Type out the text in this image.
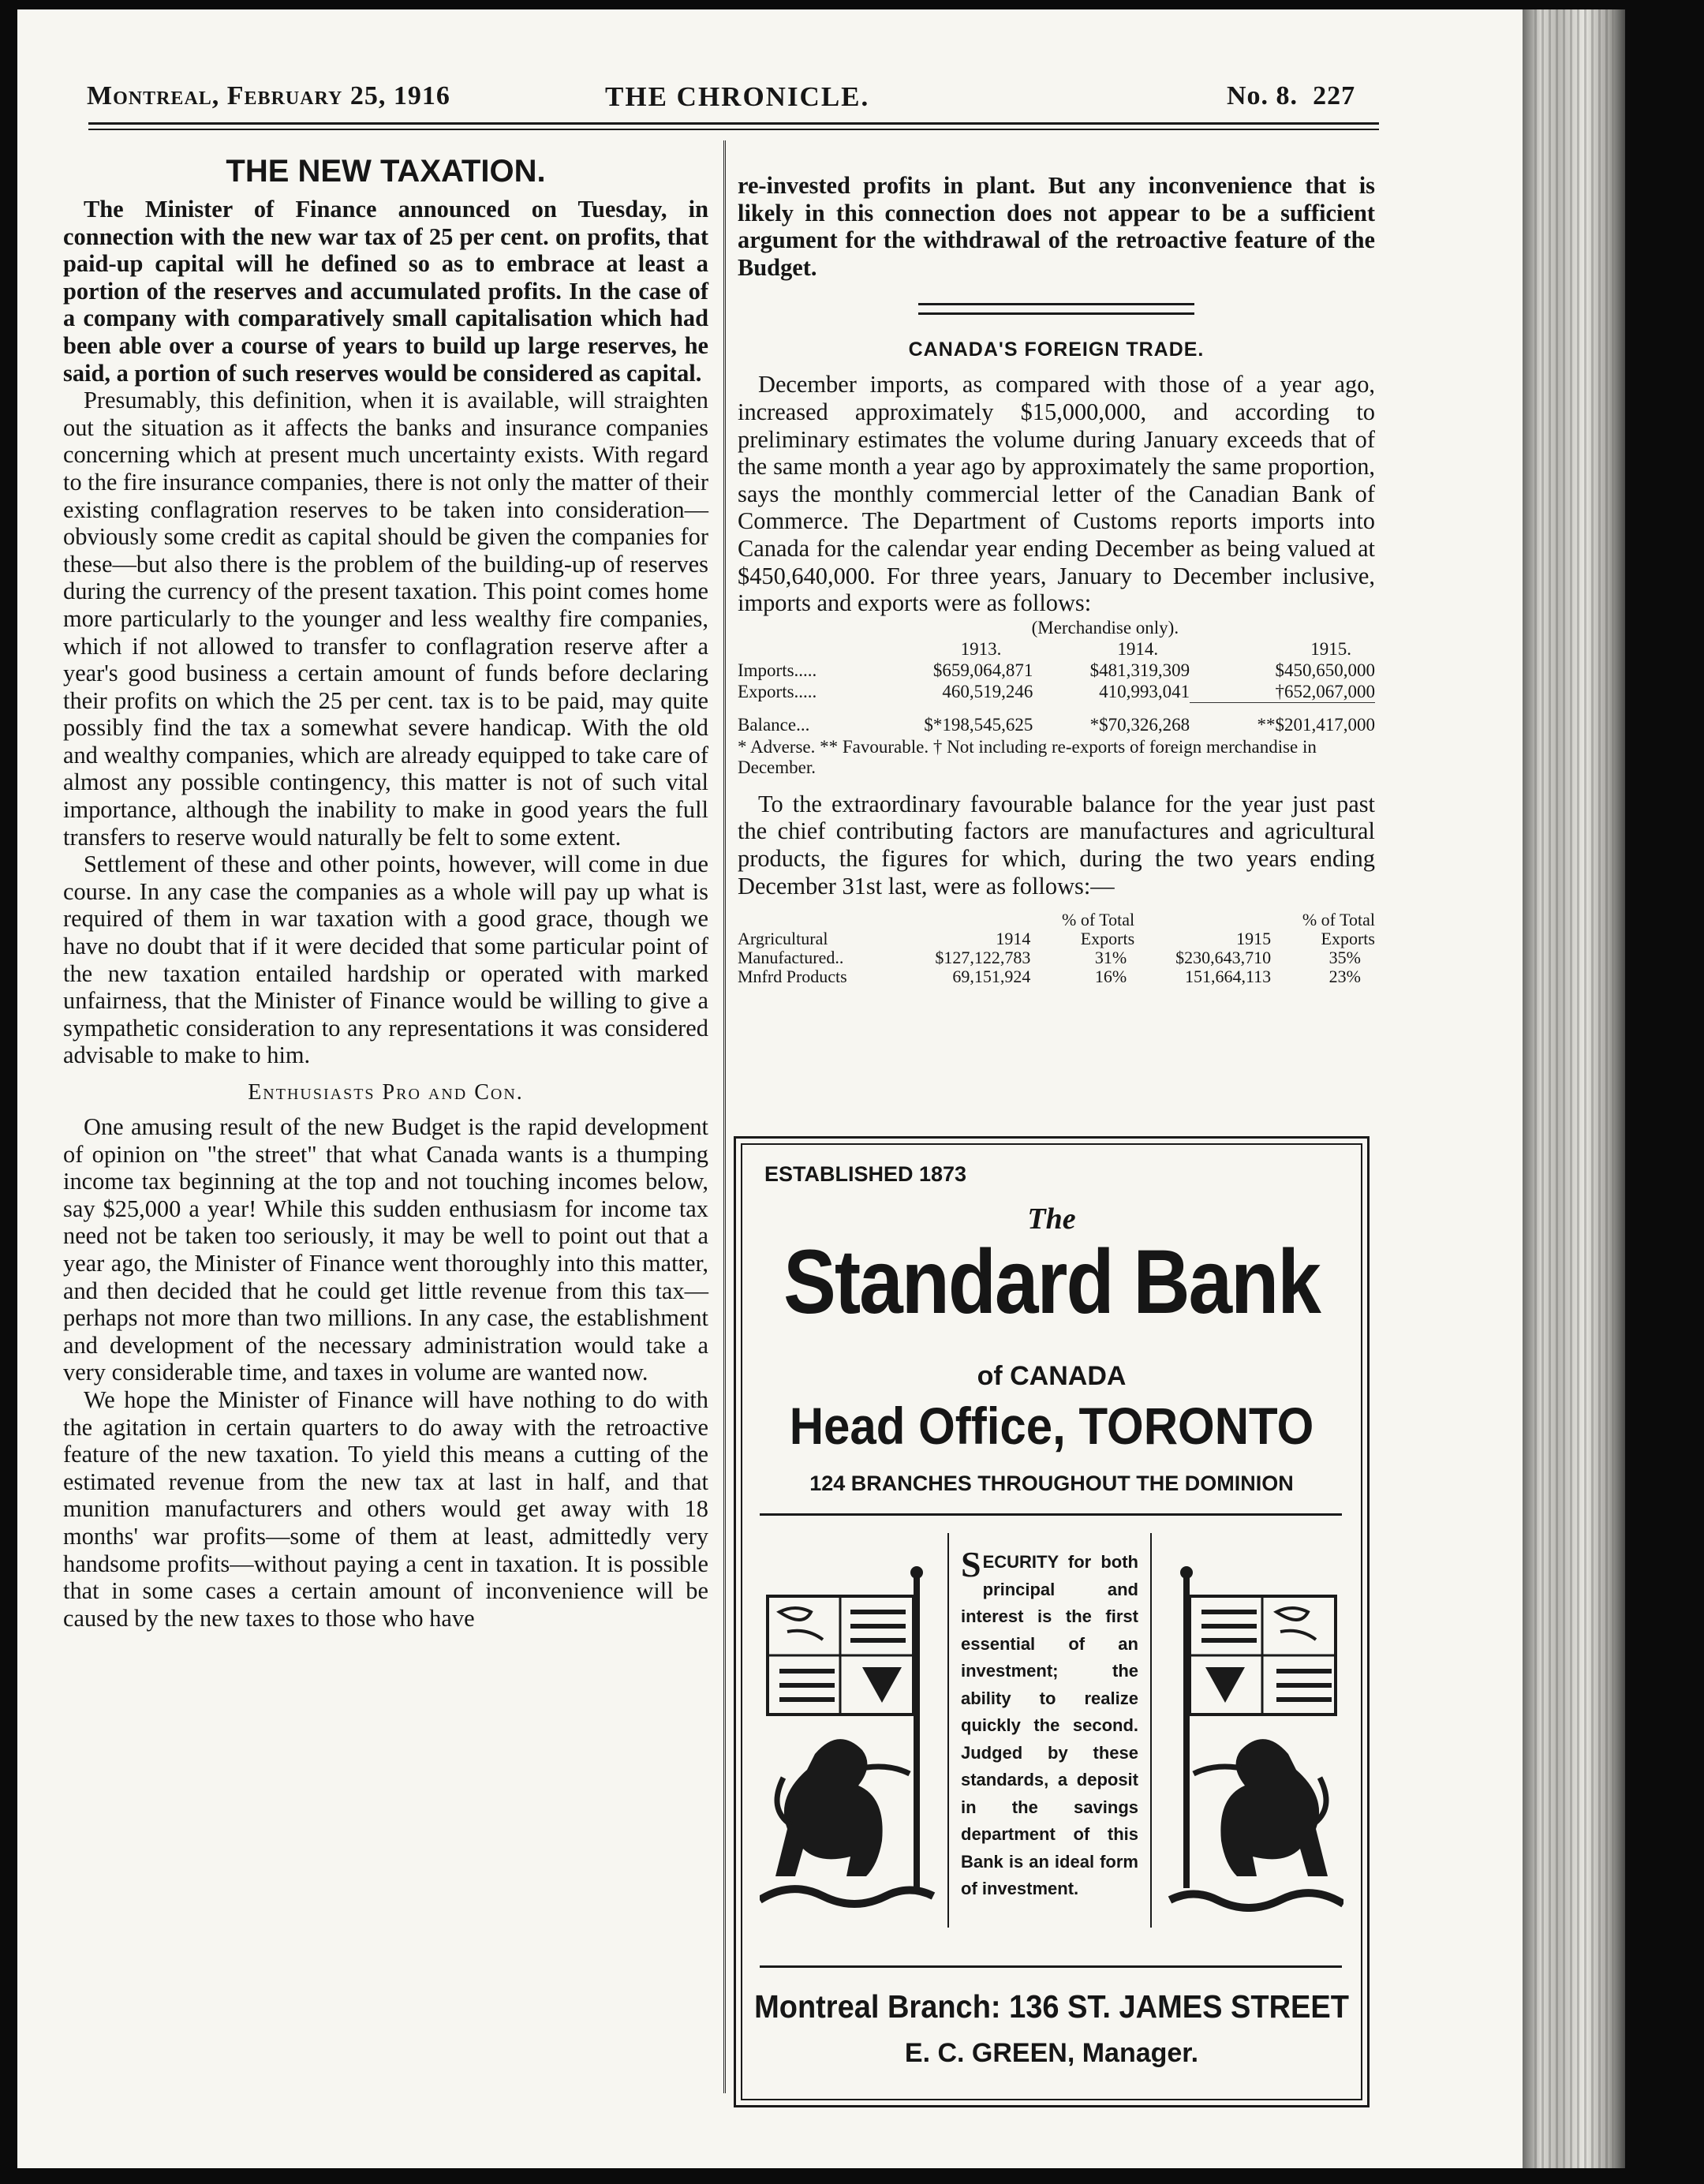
Montreal, February 25, 1916	THE CHRONICLE.	No. 8. 227
THE NEW TAXATION.

The Minister of Finance announced on Tuesday, in connection with the new war tax of 25 per cent. on profits, that paid-up capital will he defined so as to embrace at least a portion of the reserves and accumulated profits. In the case of a company with comparatively small capitalisation which had been able over a course of years to build up large reserves, he said, a portion of such reserves would be considered as capital.

Presumably, this definition, when it is available, will straighten out the situation as it affects the banks and insurance companies concerning which at present much uncertainty exists. With regard to the fire insurance companies, there is not only the matter of their existing conflagration reserves to be taken into consideration—obviously some credit as capital should be given the companies for these—but also there is the problem of the building-up of reserves during the currency of the present taxation. This point comes home more particularly to the younger and less wealthy fire companies, which if not allowed to transfer to conflagration reserve after a year's good business a certain amount of funds before declaring their profits on which the 25 per cent. tax is to be paid, may quite possibly find the tax a somewhat severe handicap. With the old and wealthy companies, which are already equipped to take care of almost any possible contingency, this matter is not of such vital importance, although the inability to make in good years the full transfers to reserve would naturally be felt to some extent.

Settlement of these and other points, however, will come in due course. In any case the companies as a whole will pay up what is required of them in war taxation with a good grace, though we have no doubt that if it were decided that some particular point of the new taxation entailed hardship or operated with marked unfairness, that the Minister of Finance would be willing to give a sympathetic consideration to any representations it was considered advisable to make to him.

Enthusiasts Pro and Con.

One amusing result of the new Budget is the rapid development of opinion on "the street" that what Canada wants is a thumping income tax beginning at the top and not touching incomes below, say $25,000 a year! While this sudden enthusiasm for income tax need not be taken too seriously, it may be well to point out that a year ago, the Minister of Finance went thoroughly into this matter, and then decided that he could get little revenue from this tax—perhaps not more than two millions. In any case, the establishment and development of the necessary administration would take a very considerable time, and taxes in volume are wanted now.

We hope the Minister of Finance will have nothing to do with the agitation in certain quarters to do away with the retroactive feature of the new taxation. To yield this means a cutting of the estimated revenue from the new tax at last in half, and that munition manufacturers and others would get away with 18 months' war profits—some of them at least, admittedly very handsome profits—without paying a cent in taxation. It is possible that in some cases a certain amount of inconvenience will be caused by the new taxes to those who have

re-invested profits in plant. But any inconvenience that is likely in this connection does not appear to be a sufficient argument for the withdrawal of the retroactive feature of the Budget.

CANADA'S FOREIGN TRADE.

December imports, as compared with those of a year ago, increased approximately $15,000,000, and according to preliminary estimates the volume during January exceeds that of the same month a year ago by approximately the same proportion, says the monthly commercial letter of the Canadian Bank of Commerce. The Department of Customs reports imports into Canada for the calendar year ending December as being valued at $450,640,000. For three years, January to December inclusive, imports and exports were as follows:

	(Merchandise only).		
	1913.	1914.	1915.
Imports.....	$659,064,871	$481,319,309	$450,650,000
Exports.....	460,519,246	410,993,041	†652,067,000

Balance...	$*198,545,625	*$70,326,268	**$201,417,000
* Adverse. ** Favourable. † Not including re-exports of foreign merchandise in December.

To the extraordinary favourable balance for the year just past the chief contributing factors are manufactures and agricultural products, the figures for which, during the two years ending December 31st last, were as follows:—

		% of Total		% of Total
Argricultural	1914	Exports	1915	Exports
Manufactured..	$127,122,783	31%	$230,643,710	35%
Mnfrd Products	69,151,924	16%	151,664,113	23%
ESTABLISHED 1873
The
Standard Bank
of CANADA
Head Office, TORONTO
124 BRANCHES THROUGHOUT THE DOMINION
SECURITY for both principal and interest is the first essential of an investment; the ability to realize quickly the second. Judged by these standards, a deposit in the savings department of this Bank is an ideal form of investment.
Montreal Branch: 136 ST. JAMES STREET
E. C. GREEN, Manager.
